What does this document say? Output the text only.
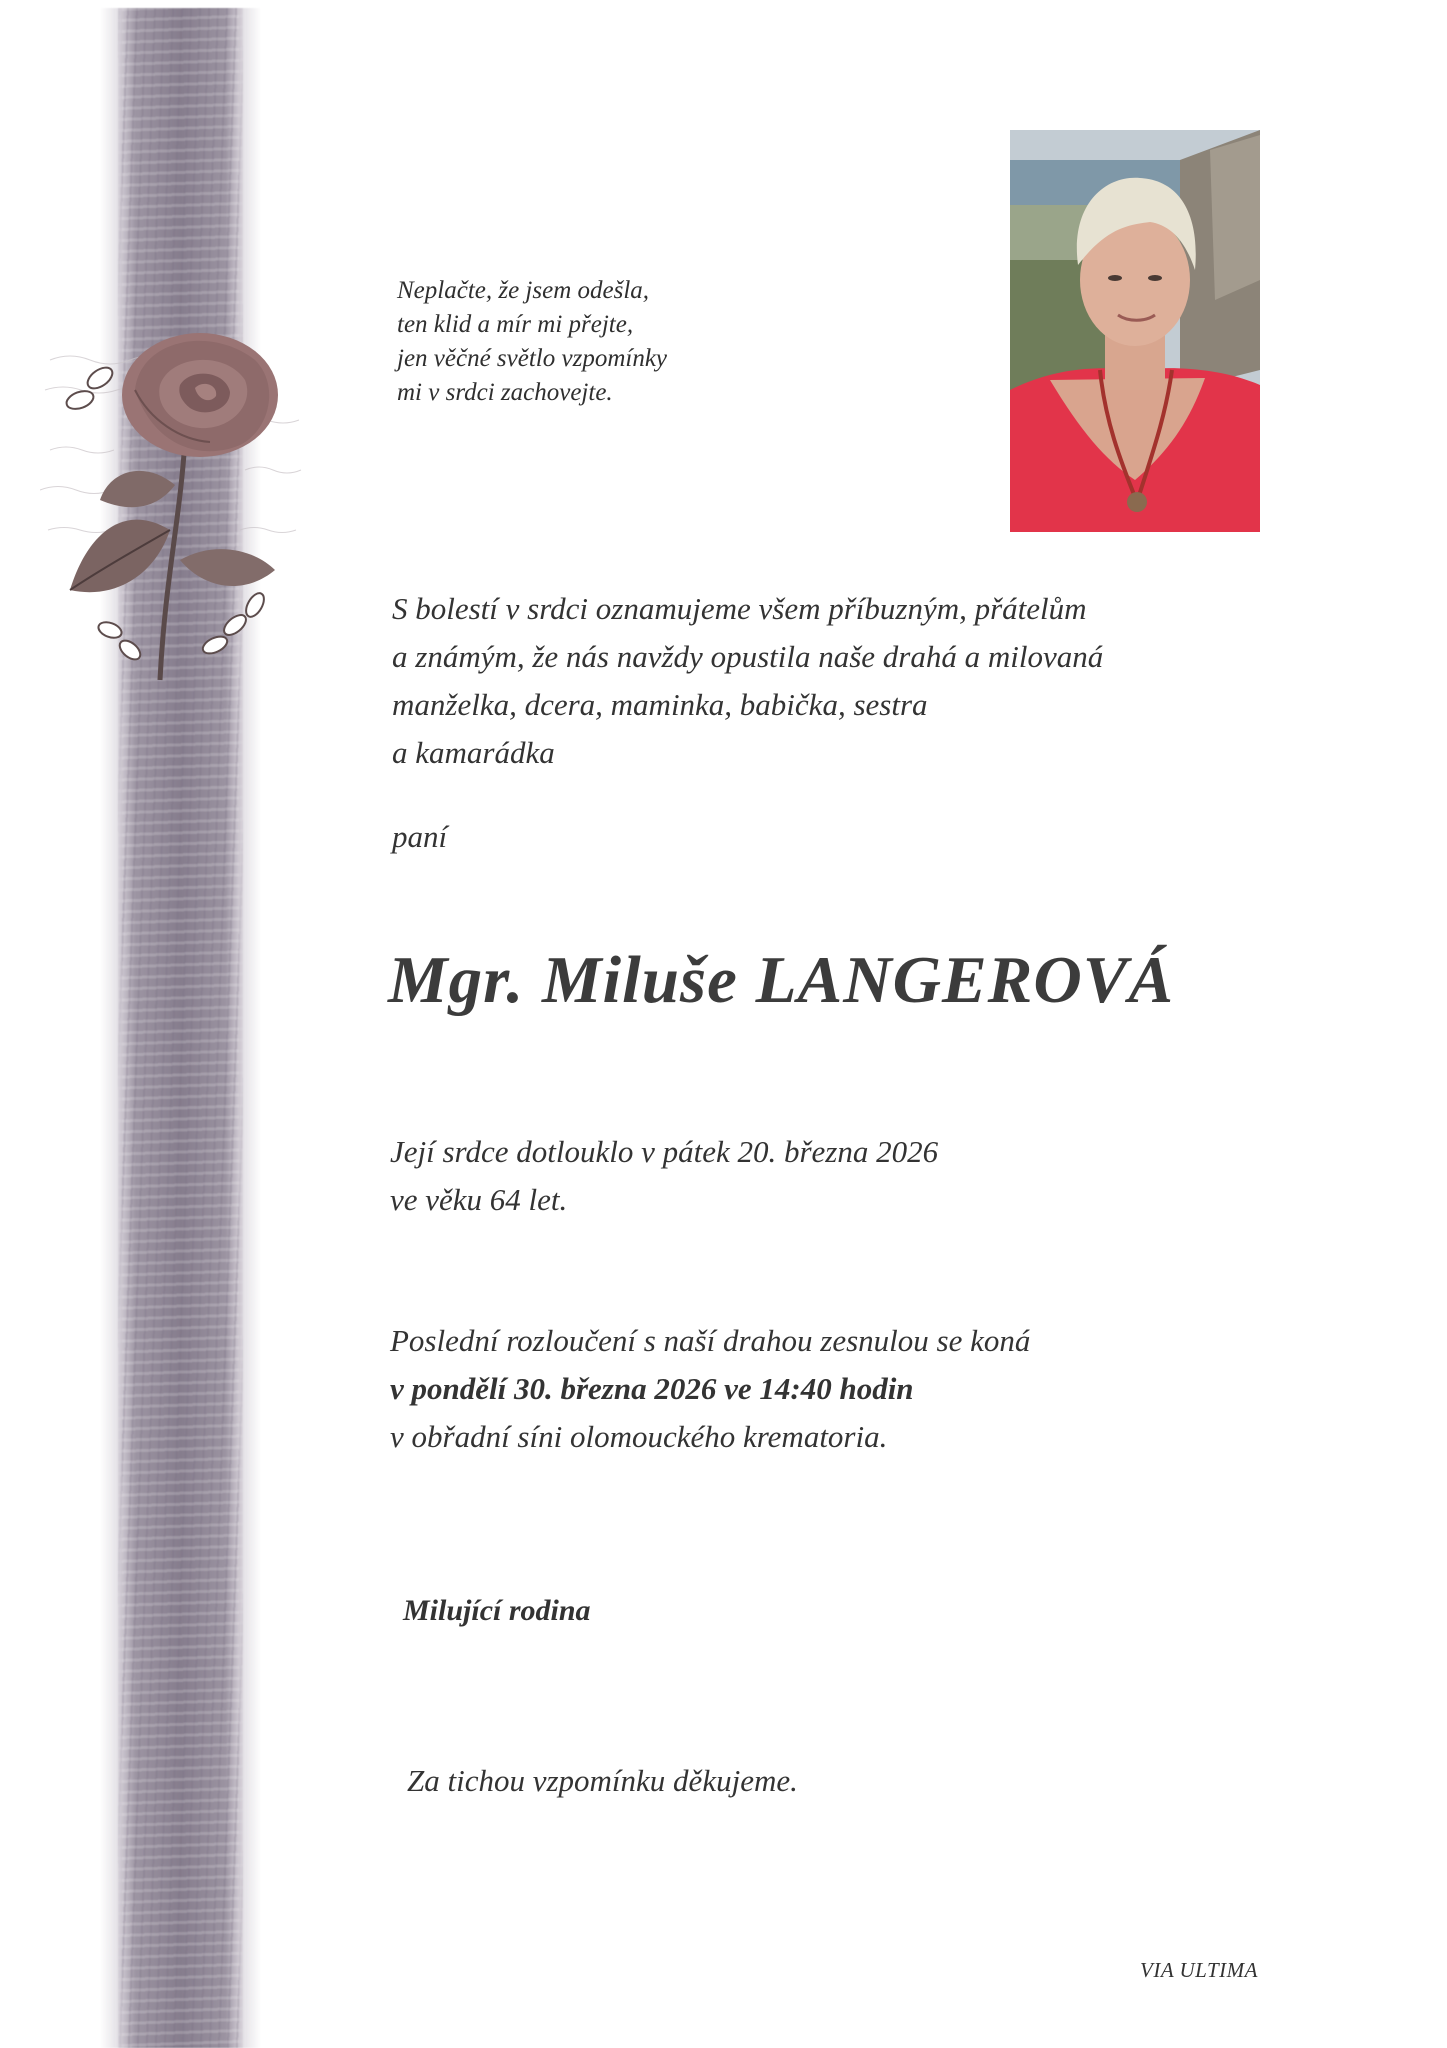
Neplačte, že jsem odešla,
ten klid a mír mi přejte,
jen věčné světlo vzpomínky
mi v srdci zachovejte.
S bolestí v srdci oznamujeme všem příbuzným, přátelům
a známým, že nás navždy opustila naše drahá a milovaná
manželka, dcera, maminka, babička, sestra
a kamarádka
paní
Mgr. Miluše LANGEROVÁ
Její srdce dotlouklo v pátek 20. března 2026
ve věku 64 let.
Poslední rozloučení s naší drahou zesnulou se koná
v pondělí 30. března 2026 ve 14:40 hodin
v obřadní síni olomouckého krematoria.
Milující rodina
Za tichou vzpomínku děkujeme.
VIA ULTIMA
